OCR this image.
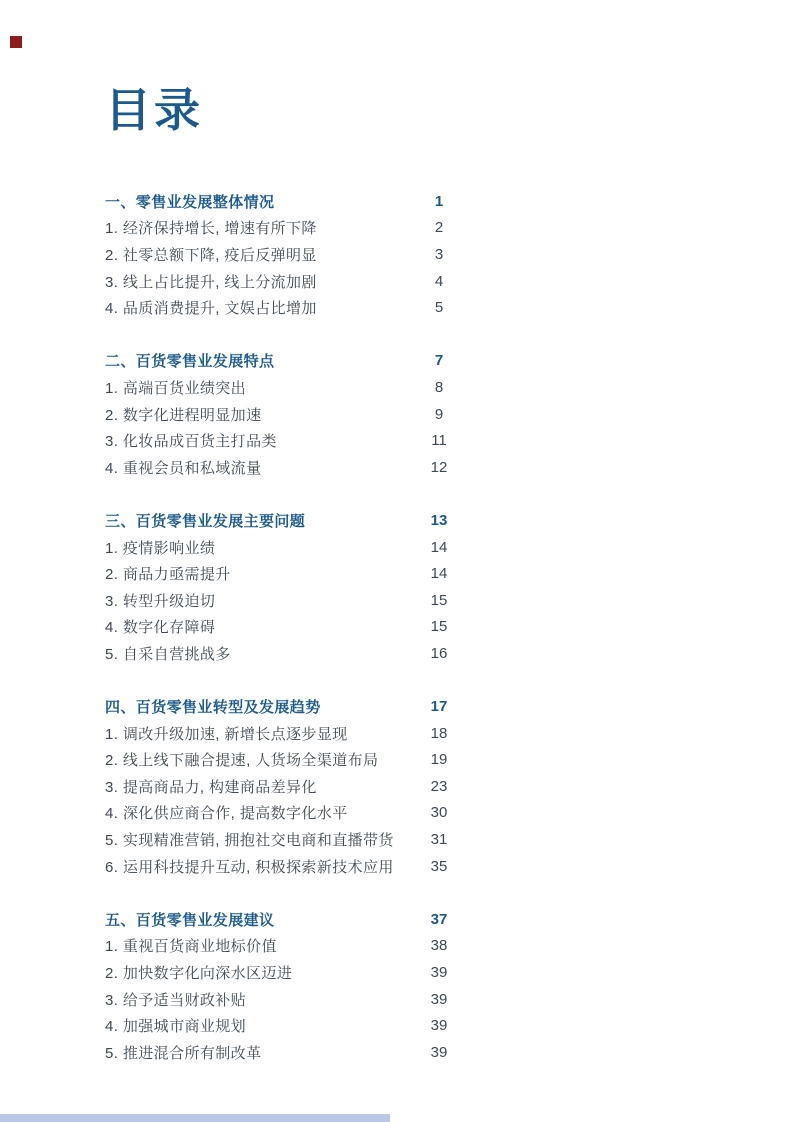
目录
一、零售业发展整体情况	1
1. 经济保持增长, 增速有所下降	2
2. 社零总额下降, 疫后反弹明显	3
3. 线上占比提升, 线上分流加剧	4
4. 品质消费提升, 文娱占比增加	5
二、百货零售业发展特点	7
1. 高端百货业绩突出	8
2. 数字化进程明显加速	9
3. 化妆品成百货主打品类	11
4. 重视会员和私域流量	12
三、百货零售业发展主要问题	13
1. 疫情影响业绩	14
2. 商品力亟需提升	14
3. 转型升级迫切	15
4. 数字化存障碍	15
5. 自采自营挑战多	16
四、百货零售业转型及发展趋势	17
1. 调改升级加速, 新增长点逐步显现	18
2. 线上线下融合提速, 人货场全渠道布局	19
3. 提高商品力, 构建商品差异化	23
4. 深化供应商合作, 提高数字化水平	30
5. 实现精准营销, 拥抱社交电商和直播带货	31
6. 运用科技提升互动, 积极探索新技术应用	35
五、百货零售业发展建议	37
1. 重视百货商业地标价值	38
2. 加快数字化向深水区迈进	39
3. 给予适当财政补贴	39
4. 加强城市商业规划	39
5. 推进混合所有制改革	39
